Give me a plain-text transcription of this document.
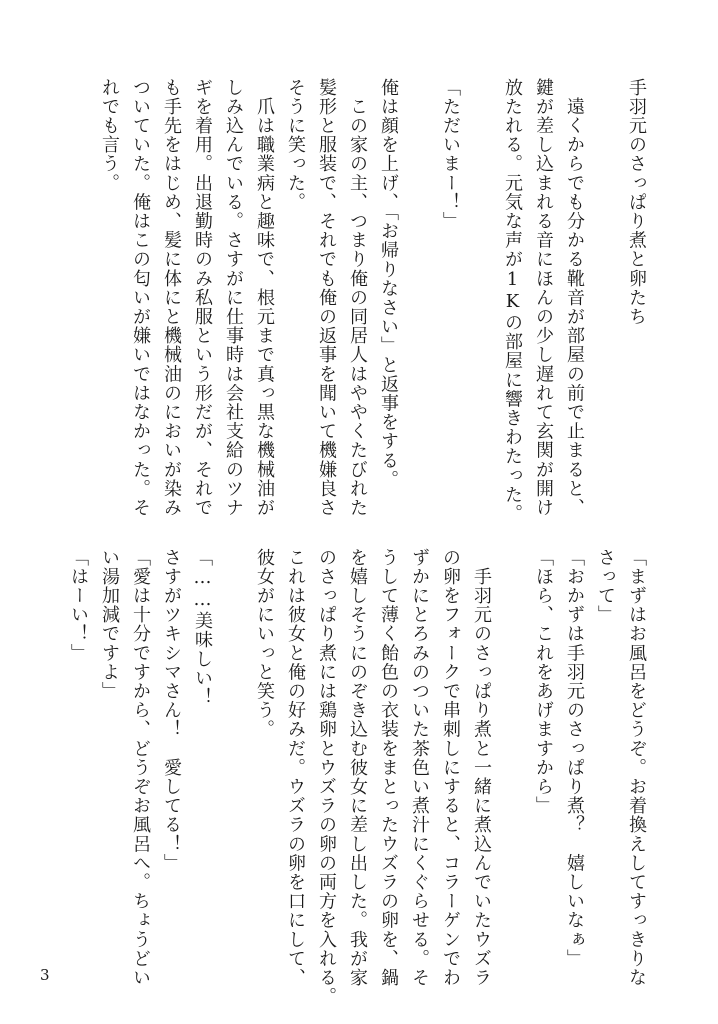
手羽元のさっぱり煮と卵たち

　遠くからでも分かる靴音が部屋の前で止まると、
鍵が差し込まれる音にほんの少し遅れて玄関が開け
放たれる。元気な声が1Kの部屋に響きわたった。

「ただいまー！」

俺は顔を上げ、「お帰りなさい」と返事をする。
　この家の主、つまり俺の同居人はややくたびれた
髪形と服装で、それでも俺の返事を聞いて機嫌良さ
そうに笑った。
　爪は職業病と趣味で、根元まで真っ黒な機械油が
しみ込んでいる。さすがに仕事時は会社支給のツナ
ギを着用。出退勤時のみ私服という形だが、それで
も手先をはじめ、髪に体にと機械油のにおいが染み
ついていた。俺はこの匂いが嫌いではなかった。そ
れでも言う。
「まずはお風呂をどうぞ。お着換えしてすっきりな
さって」
「おかずは手羽元のさっぱり煮？　嬉しいなぁ」
「ほら、これをあげますから」

　手羽元のさっぱり煮と一緒に煮込んでいたウズラ
の卵をフォークで串刺しにすると、コラーゲンでわ
ずかにとろみのついた茶色い煮汁にくぐらせる。そ
うして薄く飴色の衣装をまとったウズラの卵を、鍋
を嬉しそうにのぞき込む彼女に差し出した。我が家
のさっぱり煮には鶏卵とウズラの卵の両方を入れる。
これは彼女と俺の好みだ。ウズラの卵を口にして、
彼女がにいっと笑う。

「……美味しい！
さすがツキシマさん！　愛してる！」
「愛は十分ですから、どうぞお風呂へ。ちょうどい
い湯加減ですよ」
「はーい！」
3
